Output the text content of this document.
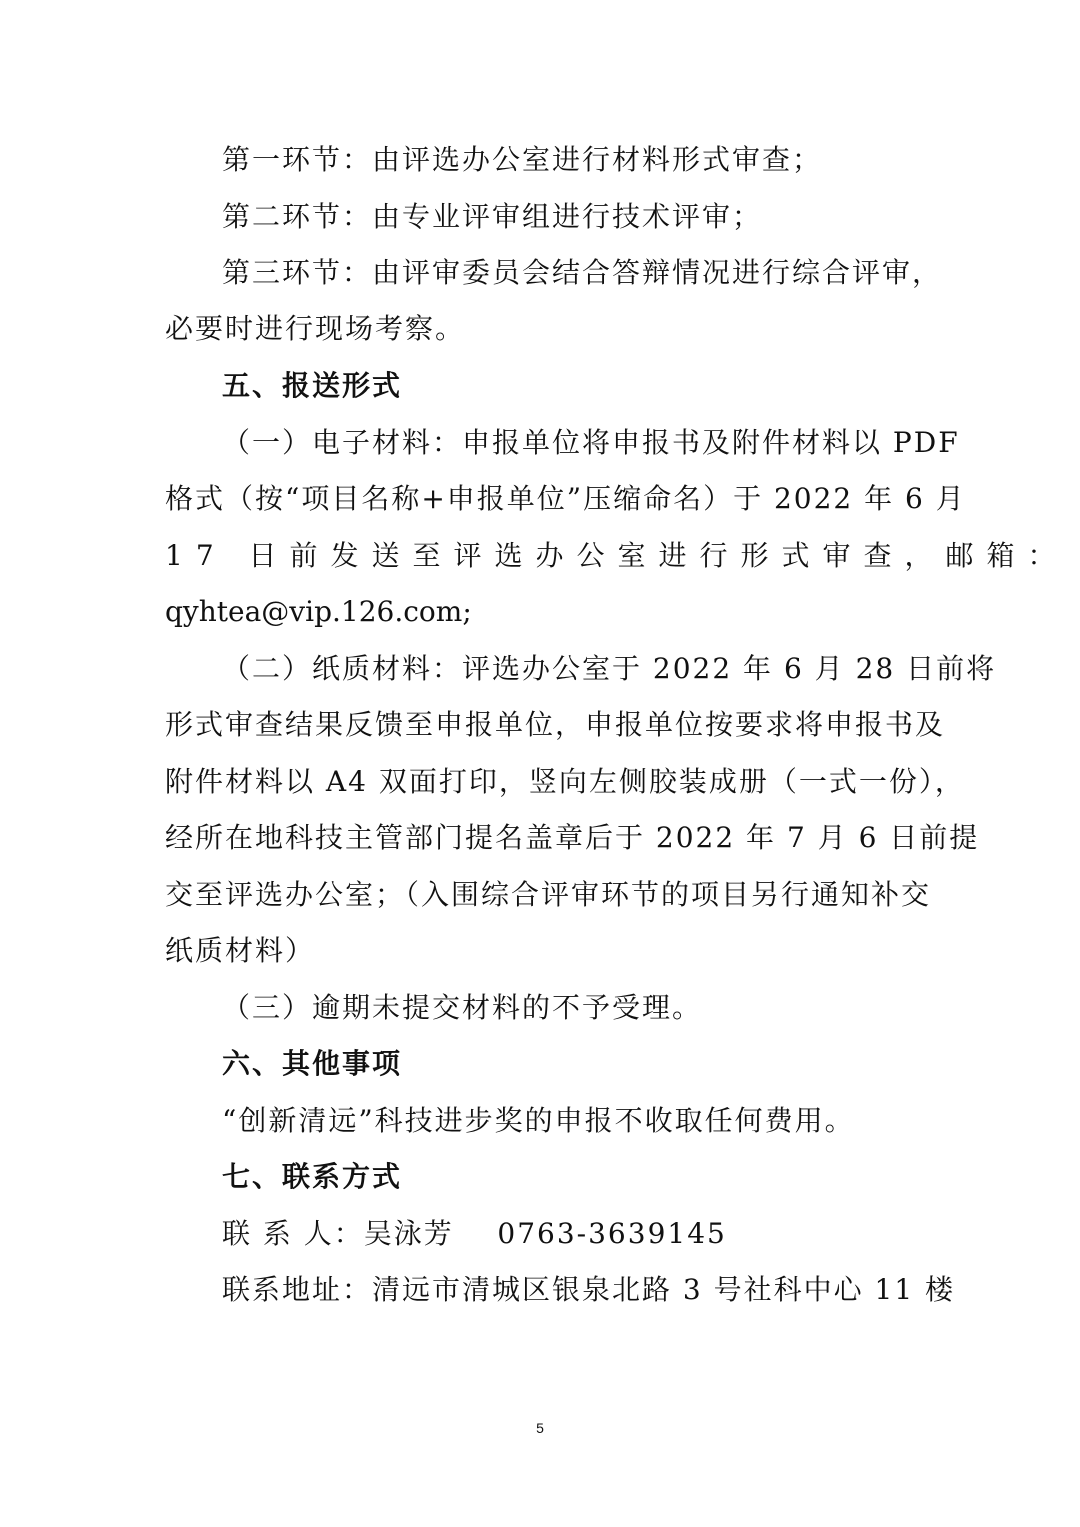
第一环节：由评选办公室进行材料形式审查；
第二环节：由专业评审组进行技术评审；
第三环节：由评审委员会结合答辩情况进行综合评审，
必要时进行现场考察。
五、报送形式
（一）电子材料：申报单位将申报书及附件材料以 PDF
格式（按“项目名称+申报单位”压缩命名）于 2022 年 6 月
17 日前发送至评选办公室进行形式审查，邮箱：
qyhtea@vip.126.com;
（二）纸质材料：评选办公室于 2022 年 6 月 28 日前将
形式审查结果反馈至申报单位，申报单位按要求将申报书及
附件材料以 A4 双面打印，竖向左侧胶装成册（一式一份），
经所在地科技主管部门提名盖章后于 2022 年 7 月 6 日前提
交至评选办公室；（入围综合评审环节的项目另行通知补交
纸质材料）
（三）逾期未提交材料的不予受理。
六、其他事项
“创新清远”科技进步奖的申报不收取任何费用。
七、联系方式
联 系 人：吴泳芳    0763-3639145
联系地址：清远市清城区银泉北路 3 号社科中心 11 楼
5
